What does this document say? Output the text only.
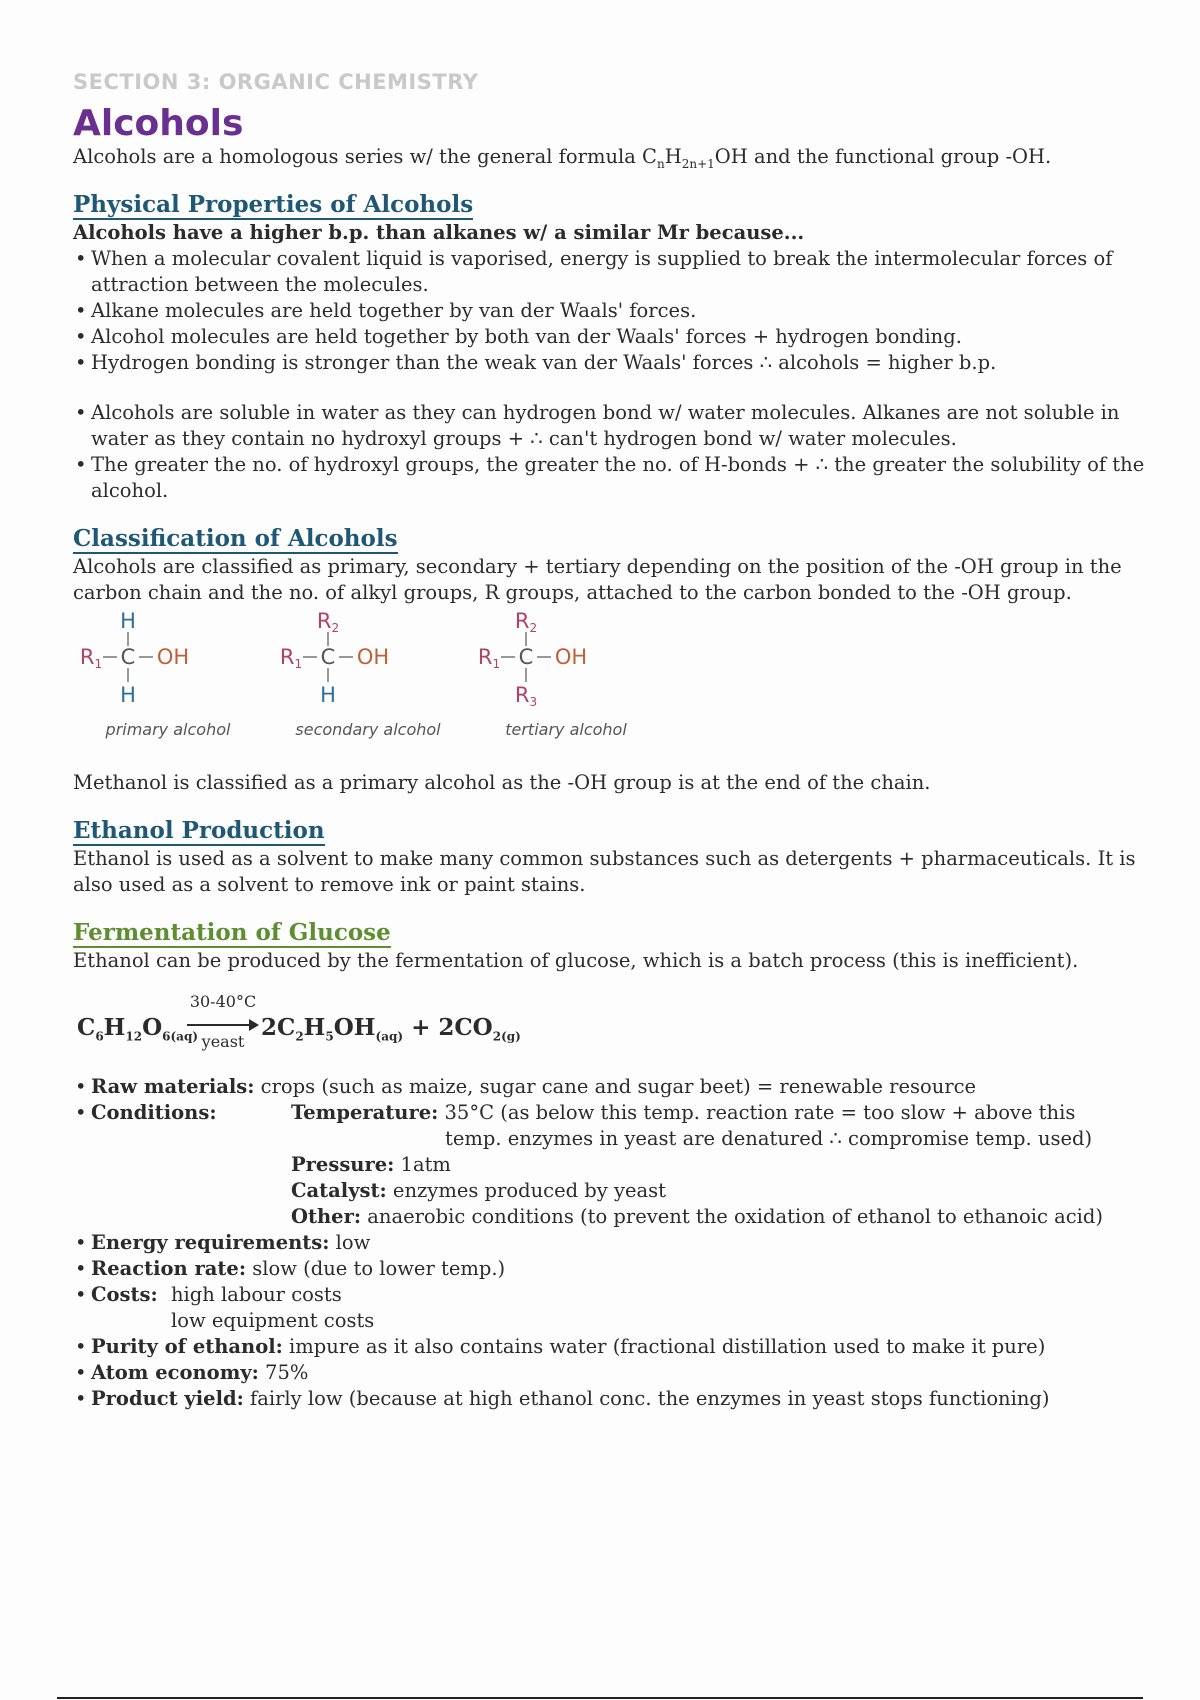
SECTION 3: ORGANIC CHEMISTRY
Alcohols

Alcohols are a homologous series w/ the general formula $C_nH_{2n+1}OH$ and the functional group -OH.

Physical Properties of Alcohols
Alcohols have a higher b.p. than alkanes w/ a similar Mr because...
• When a molecular covalent liquid is vaporised, energy is supplied to break the intermolecular forces of attraction between the molecules.
• Alkane molecules are held together by van der Waals' forces.
• Alcohol molecules are held together by both van der Waals' forces + hydrogen bonding.
• Hydrogen bonding is stronger than the weak van der Waals' forces ∴ alcohols = higher b.p.
• Alcohols are soluble in water as they can hydrogen bond w/ water molecules. Alkanes are not soluble in water as they contain no hydroxyl groups + ∴ can't hydrogen bond w/ water molecules.
• The greater the no. of hydroxyl groups, the greater the no. of H-bonds + ∴ the greater the solubility of the alcohol.
Classification of Alcohols

Alcohols are classified as primary, secondary + tertiary depending on the position of the -OH group in the carbon chain and the no. of alkyl groups, R groups, attached to the carbon bonded to the -OH group.

H
C
R1	OH
H
primary alcohol
R2
C
R1	OH
H
secondary alcohol
R2
C
R1	OH
R3
tertiary alcohol

Methanol is classified as a primary alcohol as the -OH group is at the end of the chain.

Ethanol Production

Ethanol is used as a solvent to make many common substances such as detergents + pharmaceuticals. It is also used as a solvent to remove ink or paint stains.

Fermentation of Glucose

Ethanol can be produced by the fermentation of glucose, which is a batch process (this is inefficient).

$C_6H_{12}O_{6(aq)}$
30-40°C
yeast
$2C_2H_5OH_{(aq)} + 2CO_{2(g)}$
• Raw materials: crops (such as maize, sugar cane and sugar beet) = renewable resource
• Conditions:	Temperature: 35°C (as below this temp. reaction rate = too slow + above this
temp. enzymes in yeast are denatured ∴ compromise temp. used)
Pressure: 1atm
Catalyst: enzymes produced by yeast
Other: anaerobic conditions (to prevent the oxidation of ethanol to ethanoic acid)
• Energy requirements: low
• Reaction rate: slow (due to lower temp.)
• Costs: high labour costs
low equipment costs
• Purity of ethanol: impure as it also contains water (fractional distillation used to make it pure)
• Atom economy: 75%
• Product yield: fairly low (because at high ethanol conc. the enzymes in yeast stops functioning)
